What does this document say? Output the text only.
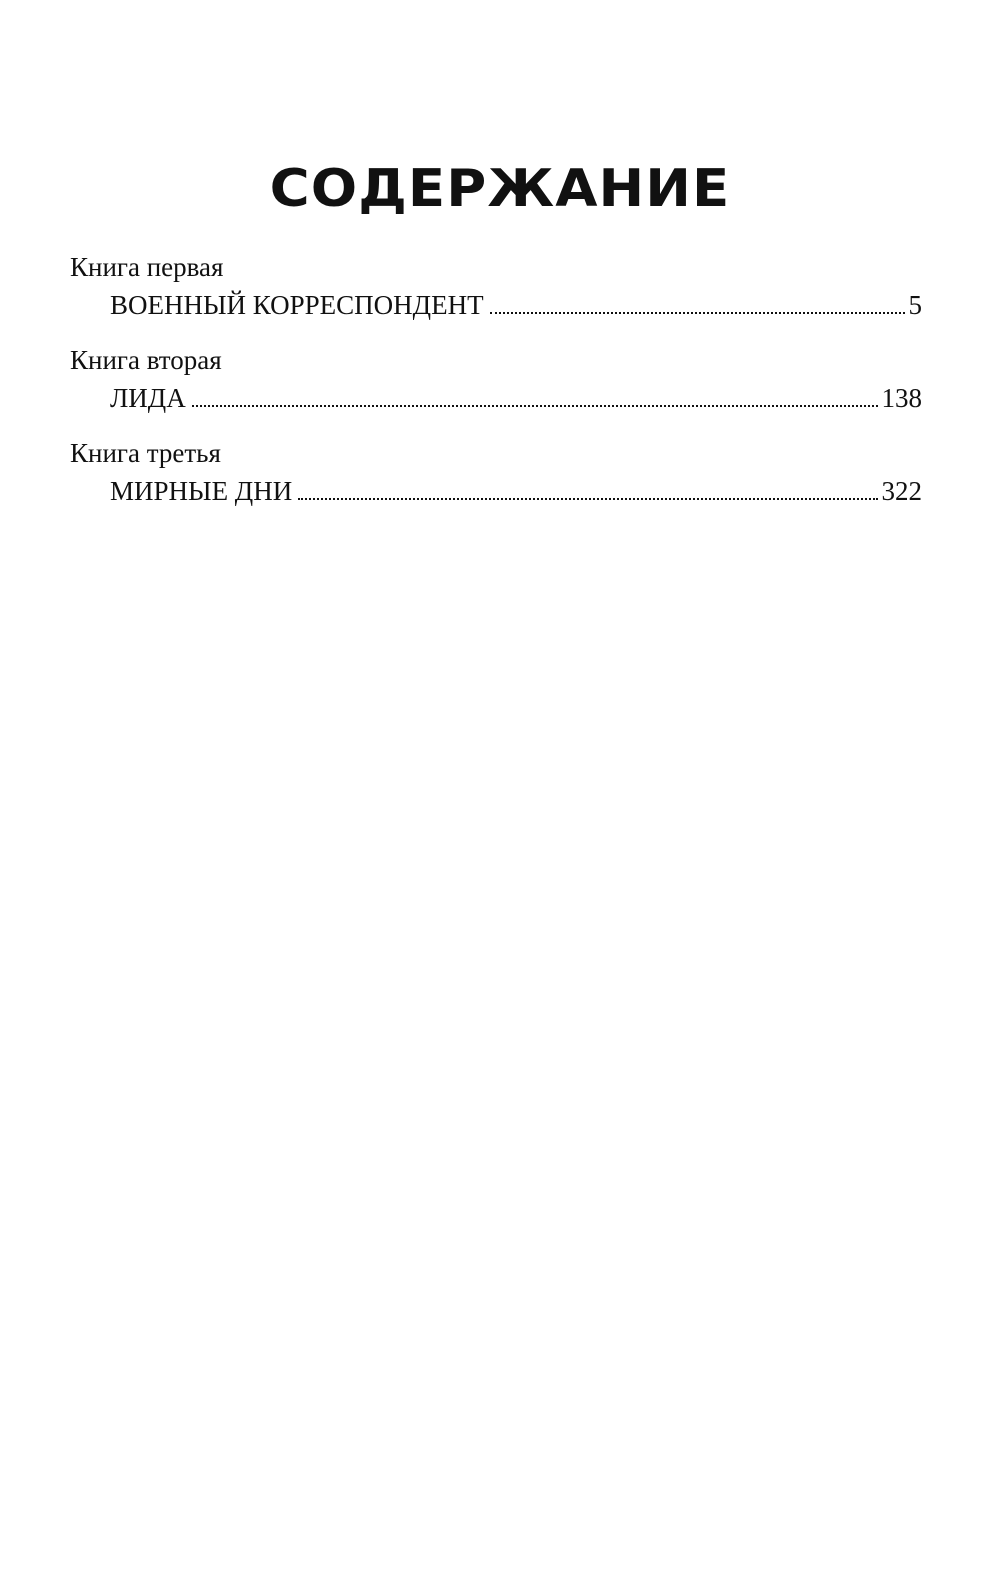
СОДЕРЖАНИЕ

Книга первая

ВОЕННЫЙ КОРРЕСПОНДЕНТ	5

Книга вторая

ЛИДА	138

Книга третья

МИРНЫЕ ДНИ	322
